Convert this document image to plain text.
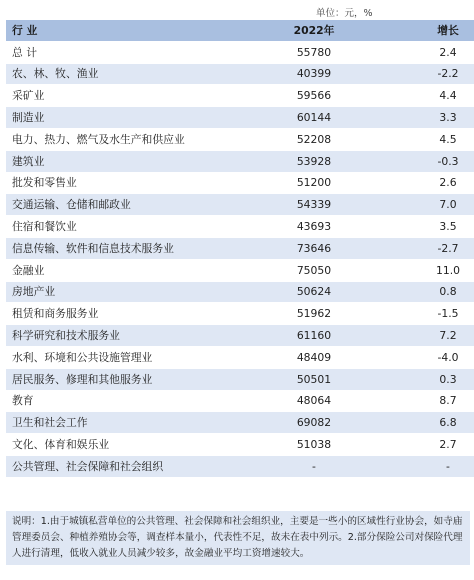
单位：元，%
行 业	2022年	增长
总 计	55780	2.4
农、林、牧、渔业	40399	-2.2
采矿业	59566	4.4
制造业	60144	3.3
电力、热力、燃气及水生产和供应业	52208	4.5
建筑业	53928	-0.3
批发和零售业	51200	2.6
交通运输、仓储和邮政业	54339	7.0
住宿和餐饮业	43693	3.5
信息传输、软件和信息技术服务业	73646	-2.7
金融业	75050	11.0
房地产业	50624	0.8
租赁和商务服务业	51962	-1.5
科学研究和技术服务业	61160	7.2
水利、环境和公共设施管理业	48409	-4.0
居民服务、修理和其他服务业	50501	0.3
教育	48064	8.7
卫生和社会工作	69082	6.8
文化、体育和娱乐业	51038	2.7
公共管理、社会保障和社会组织	-	-
说明：1.由于城镇私营单位的公共管理、社会保障和社会组织业，主要是一些小的区域性行业协会，如寺庙管理委员会、种植养殖协会等，调查样本量小，代表性不足，故未在表中列示。2.部分保险公司对保险代理人进行清理，低收入就业人员减少较多，故金融业平均工资增速较大。
